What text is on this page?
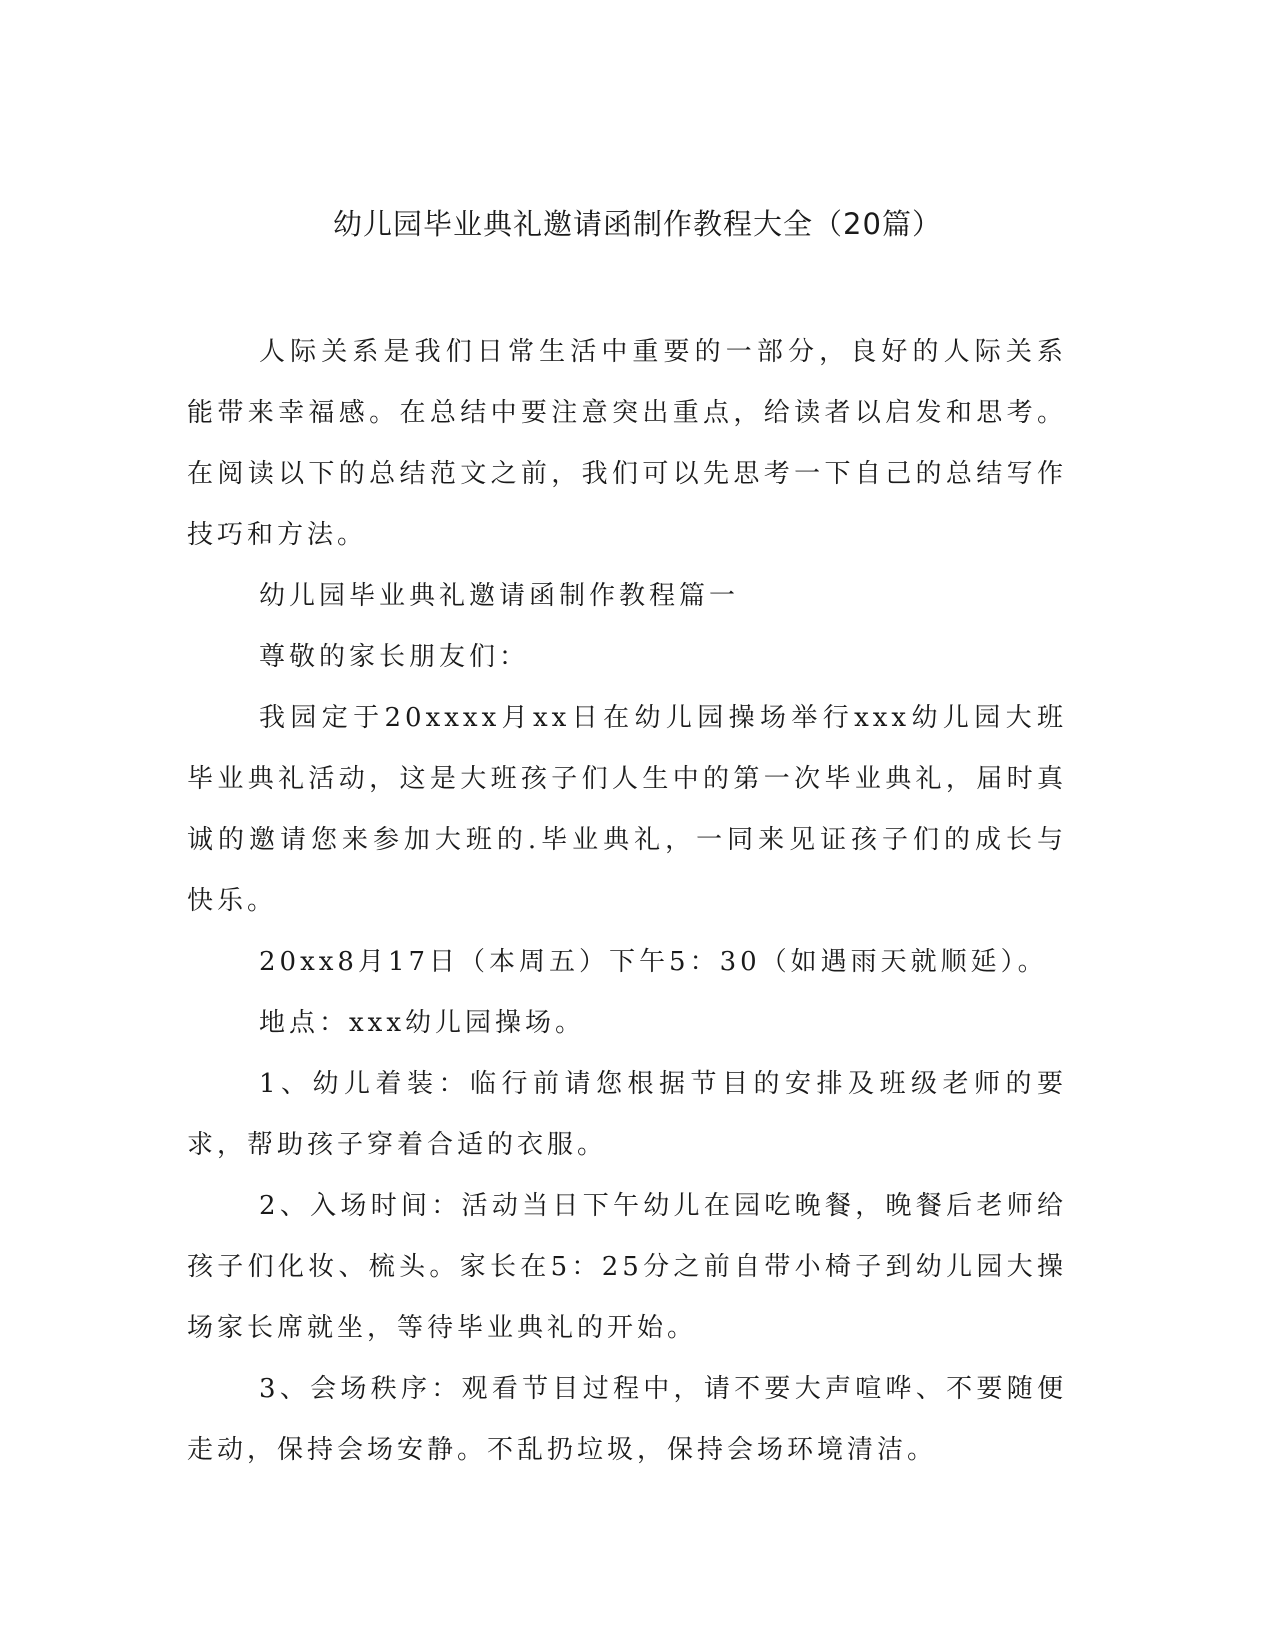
幼儿园毕业典礼邀请函制作教程大全（20篇）

人际关系是我们日常生活中重要的一部分，良好的人际关系能带来幸福感。在总结中要注意突出重点，给读者以启发和思考。在阅读以下的总结范文之前，我们可以先思考一下自己的总结写作技巧和方法。

幼儿园毕业典礼邀请函制作教程篇一

尊敬的家长朋友们：

我园定于20xxxx月xx日在幼儿园操场举行xxx幼儿园大班毕业典礼活动，这是大班孩子们人生中的第一次毕业典礼，届时真诚的邀请您来参加大班的.毕业典礼，一同来见证孩子们的成长与快乐。

20xx8月17日（本周五）下午5：30（如遇雨天就顺延）。

地点：xxx幼儿园操场。

1、幼儿着装：临行前请您根据节目的安排及班级老师的要求，帮助孩子穿着合适的衣服。

2、入场时间：活动当日下午幼儿在园吃晚餐，晚餐后老师给孩子们化妆、梳头。家长在5：25分之前自带小椅子到幼儿园大操场家长席就坐，等待毕业典礼的开始。

3、会场秩序：观看节目过程中，请不要大声喧哗、不要随便走动，保持会场安静。不乱扔垃圾，保持会场环境清洁。
